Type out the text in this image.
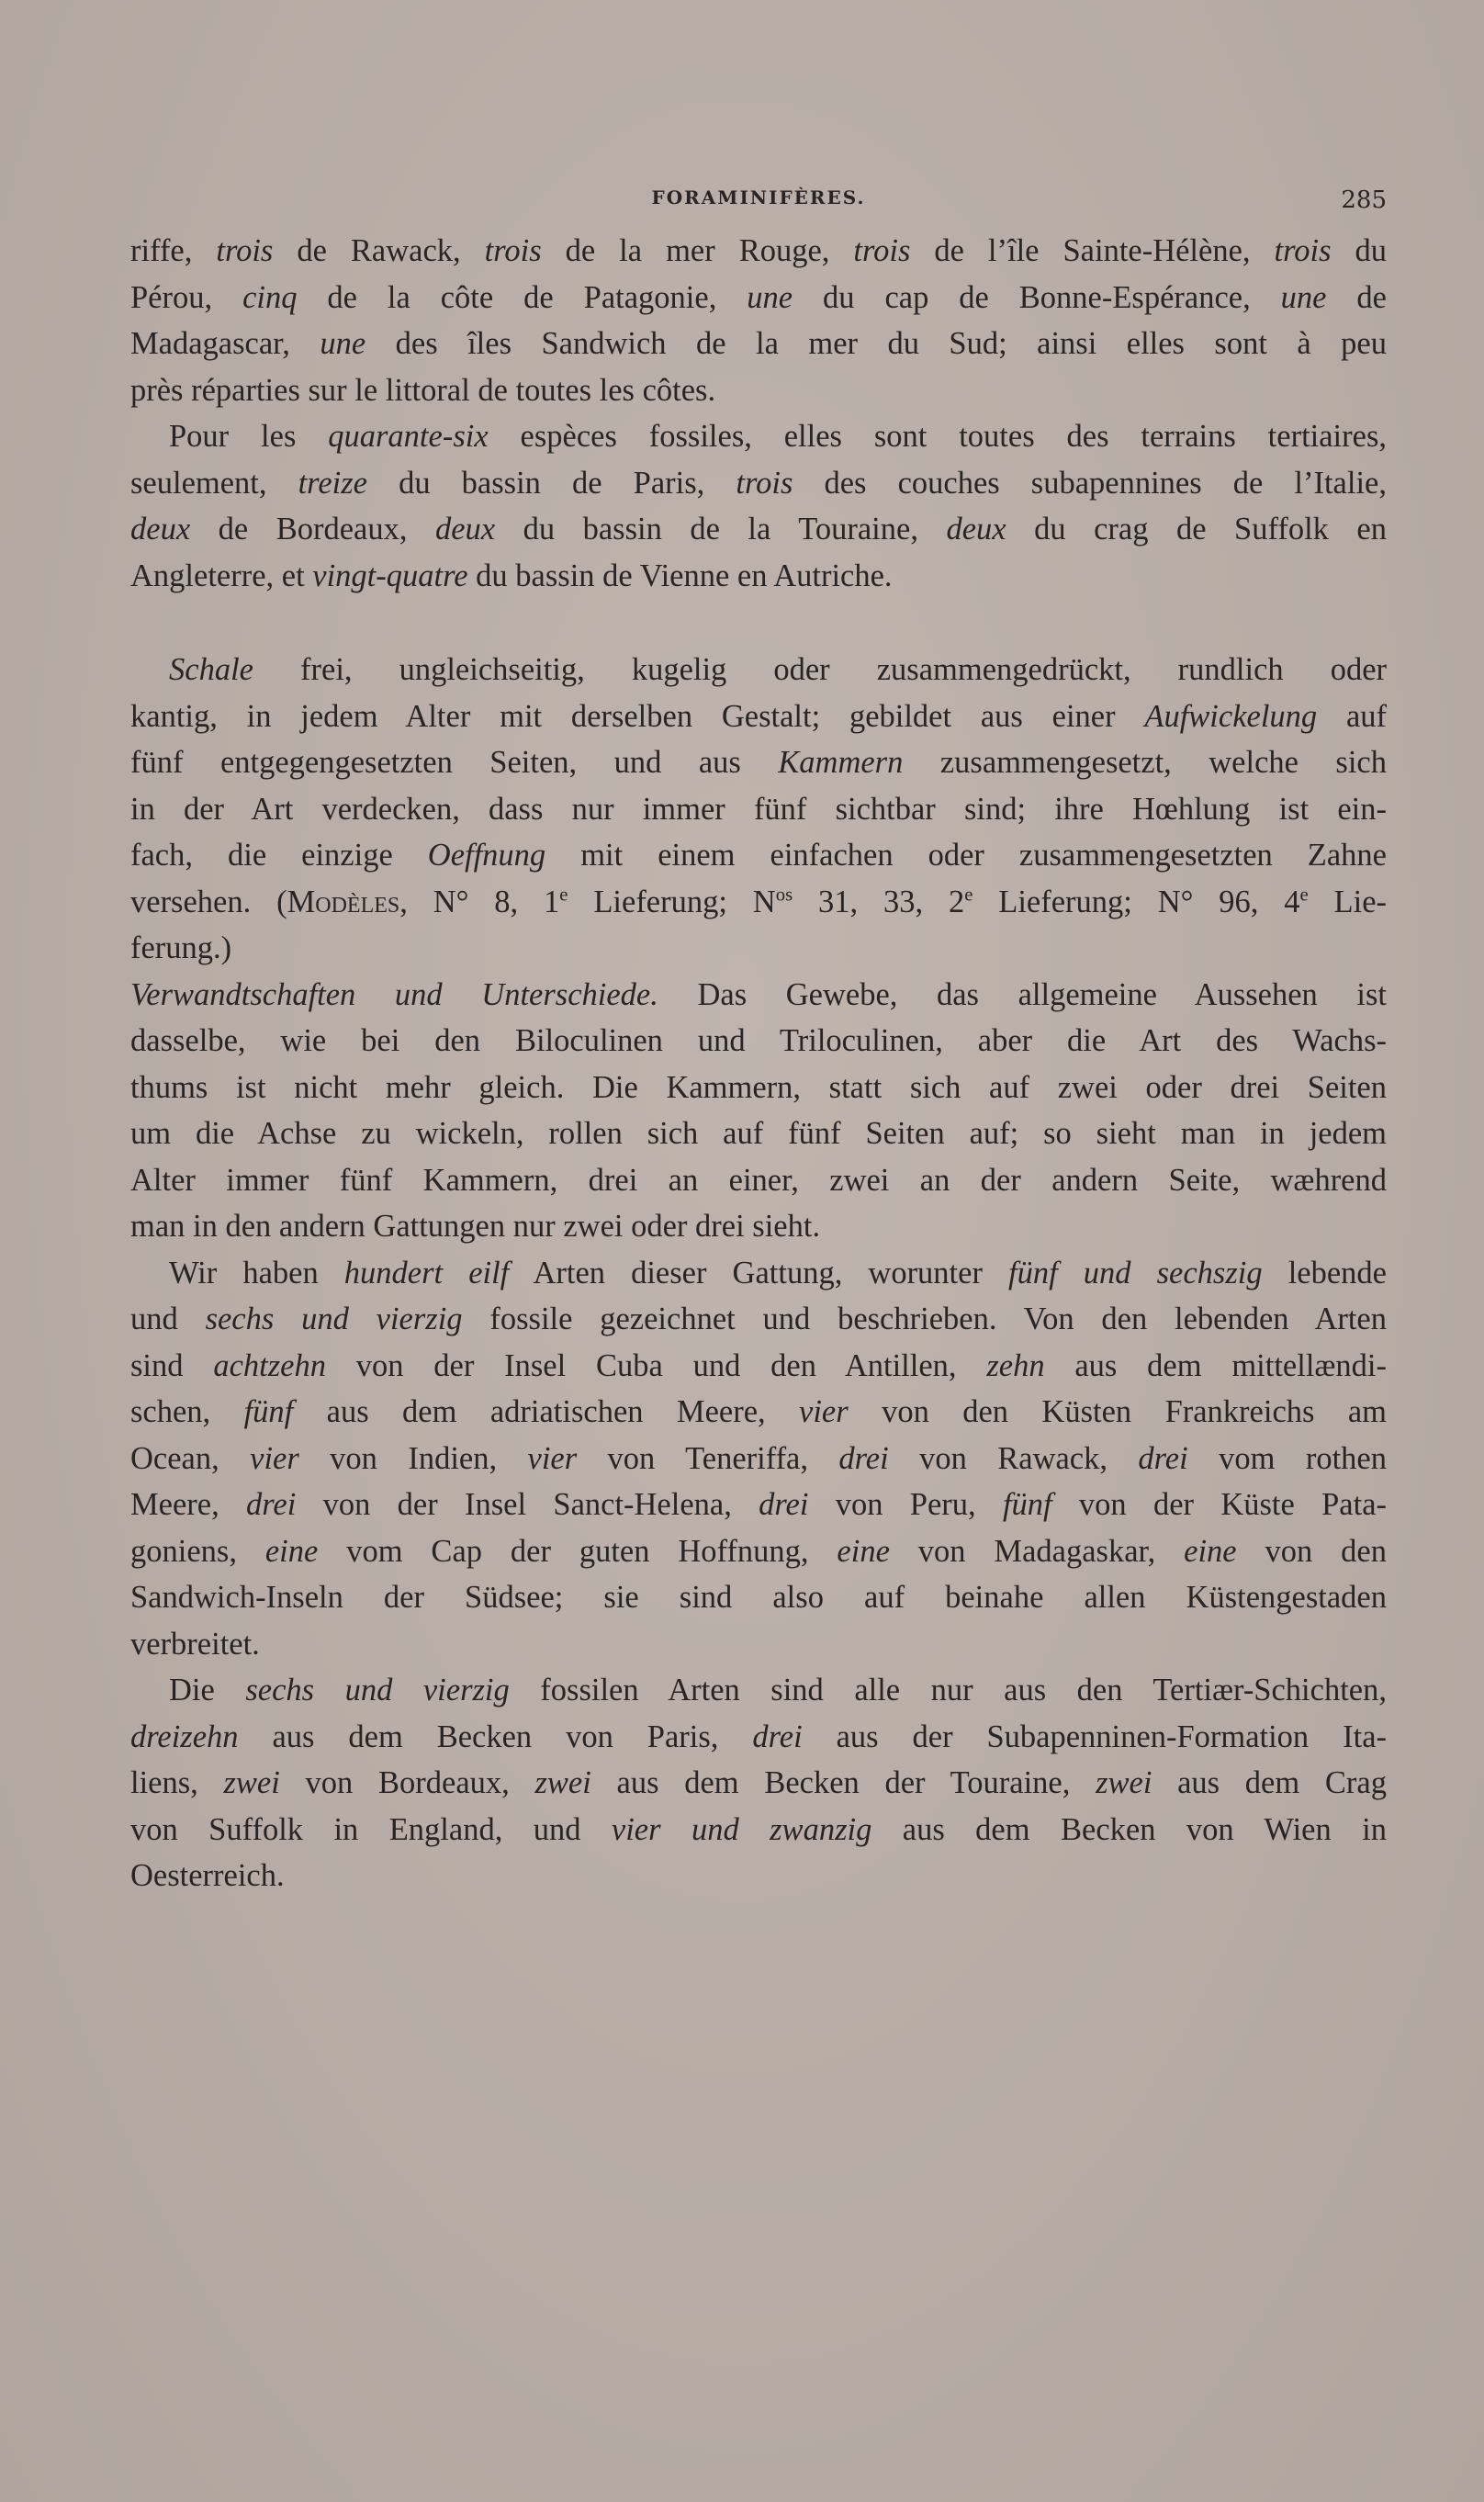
FORAMINIFÈRES.	285
riffe, trois de Rawack, trois de la mer Rouge, trois de l’île Sainte-Hélène, trois du
Pérou, cinq de la côte de Patagonie, une du cap de Bonne-Espérance, une de
Madagascar, une des îles Sandwich de la mer du Sud; ainsi elles sont à peu
près réparties sur le littoral de toutes les côtes.
Pour les quarante-six espèces fossiles, elles sont toutes des terrains tertiaires,
seulement, treize du bassin de Paris, trois des couches subapennines de l’Italie,
deux de Bordeaux, deux du bassin de la Touraine, deux du crag de Suffolk en
Angleterre, et vingt-quatre du bassin de Vienne en Autriche.
Schale frei, ungleichseitig, kugelig oder zusammengedrückt, rundlich oder
kantig, in jedem Alter mit derselben Gestalt; gebildet aus einer Aufwickelung auf
fünf entgegengesetzten Seiten, und aus Kammern zusammengesetzt, welche sich
in der Art verdecken, dass nur immer fünf sichtbar sind; ihre Hœhlung ist ein-
fach, die einzige Oeffnung mit einem einfachen oder zusammengesetzten Zahne
versehen. (Modèles, N° 8, 1e Lieferung; $N^{os}$ 31, 33, 2e Lieferung; N° 96, 4e Lie-
ferung.)
Verwandtschaften und Unterschiede. Das Gewebe, das allgemeine Aussehen ist
dasselbe, wie bei den Biloculinen und Triloculinen, aber die Art des Wachs-
thums ist nicht mehr gleich. Die Kammern, statt sich auf zwei oder drei Seiten
um die Achse zu wickeln, rollen sich auf fünf Seiten auf; so sieht man in jedem
Alter immer fünf Kammern, drei an einer, zwei an der andern Seite, wæhrend
man in den andern Gattungen nur zwei oder drei sieht.
Wir haben hundert eilf Arten dieser Gattung, worunter fünf und sechszig lebende
und sechs und vierzig fossile gezeichnet und beschrieben. Von den lebenden Arten
sind achtzehn von der Insel Cuba und den Antillen, zehn aus dem mittellændi-
schen, fünf aus dem adriatischen Meere, vier von den Küsten Frankreichs am
Ocean, vier von Indien, vier von Teneriffa, drei von Rawack, drei vom rothen
Meere, drei von der Insel Sanct-Helena, drei von Peru, fünf von der Küste Pata-
goniens, eine vom Cap der guten Hoffnung, eine von Madagaskar, eine von den
Sandwich-Inseln der Südsee; sie sind also auf beinahe allen Küstengestaden
verbreitet.
Die sechs und vierzig fossilen Arten sind alle nur aus den Tertiær-Schichten,
dreizehn aus dem Becken von Paris, drei aus der Subapenninen-Formation Ita-
liens, zwei von Bordeaux, zwei aus dem Becken der Touraine, zwei aus dem Crag
von Suffolk in England, und vier und zwanzig aus dem Becken von Wien in
Oesterreich.
